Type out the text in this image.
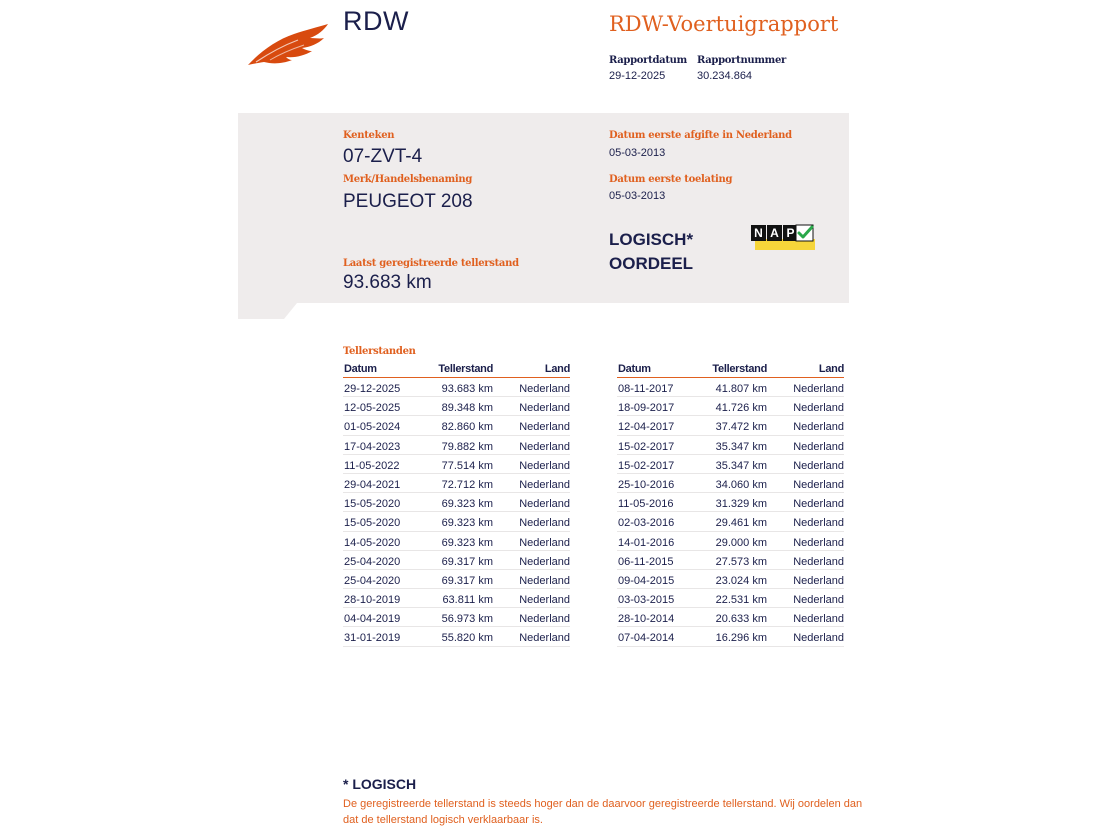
RDW	RDW-Voertuigrapport
Rapportdatum
29-12-2025
Rapportnummer
30.234.864
Kenteken
07-ZVT-4
Merk/Handelsbenaming
PEUGEOT 208
Datum eerste afgifte in Nederland
05-03-2013
Datum eerste toelating
05-03-2013
LOGISCH*
OORDEEL
N A P
Laatst geregistreerde tellerstand
93.683 km
Tellerstanden
Datum	Tellerstand	Land
29-12-2025	93.683 km Nederland
12-05-2025	89.348 km Nederland
01-05-2024	82.860 km Nederland
17-04-2023	79.882 km Nederland
11-05-2022	77.514 km Nederland
29-04-2021	72.712 km Nederland
15-05-2020	69.323 km Nederland
15-05-2020	69.323 km Nederland
14-05-2020	69.323 km Nederland
25-04-2020	69.317 km Nederland
25-04-2020	69.317 km Nederland
28-10-2019	63.811 km Nederland
04-04-2019	56.973 km Nederland
31-01-2019	55.820 km Nederland
Datum	Tellerstand	Land
08-11-2017	41.807 km Nederland
18-09-2017	41.726 km Nederland
12-04-2017	37.472 km Nederland
15-02-2017	35.347 km Nederland
15-02-2017	35.347 km Nederland
25-10-2016	34.060 km Nederland
11-05-2016	31.329 km Nederland
02-03-2016	29.461 km Nederland
14-01-2016	29.000 km Nederland
06-11-2015	27.573 km Nederland
09-04-2015	23.024 km Nederland
03-03-2015	22.531 km Nederland
28-10-2014	20.633 km Nederland
07-04-2014	16.296 km Nederland
* LOGISCH
De geregistreerde tellerstand is steeds hoger dan de daarvoor geregistreerde tellerstand. Wij oordelen dan dat de tellerstand logisch verklaarbaar is.
